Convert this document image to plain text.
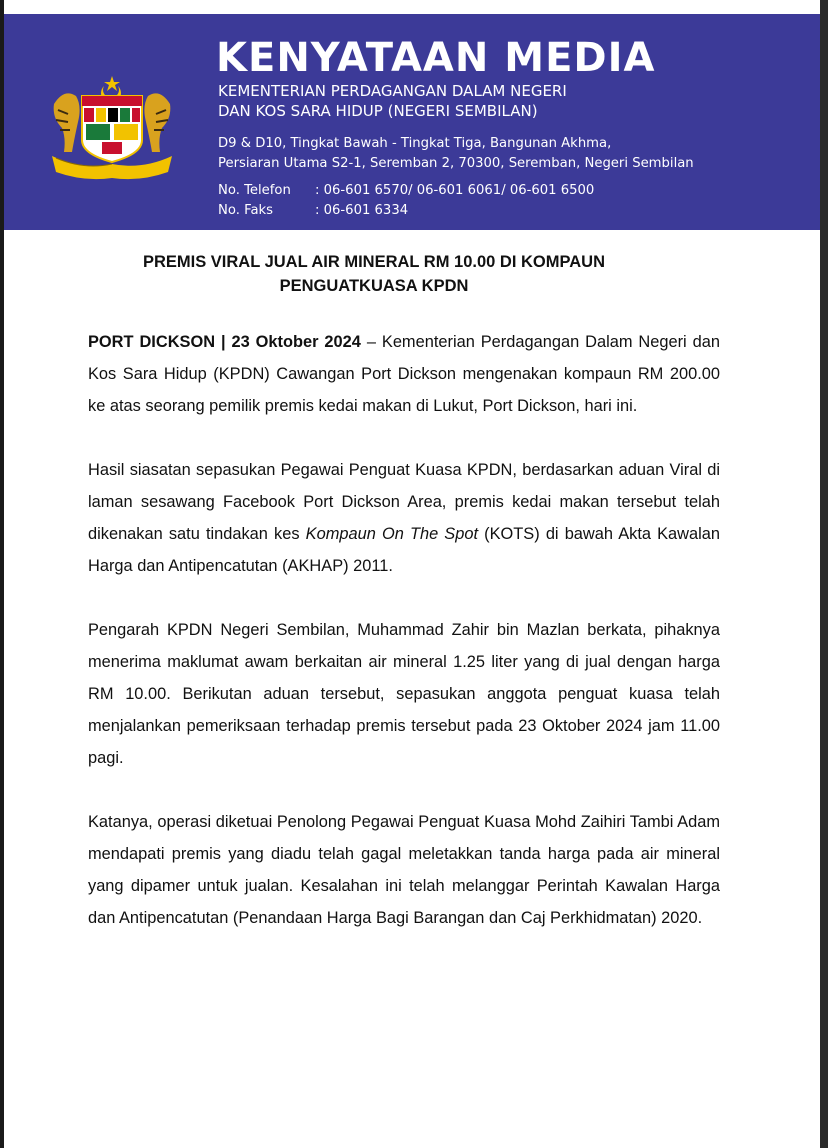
KENYATAAN MEDIA
KEMENTERIAN PERDAGANGAN DALAM NEGERI
DAN KOS SARA HIDUP (NEGERI SEMBILAN)
D9 & D10, Tingkat Bawah - Tingkat Tiga, Bangunan Akhma,
Persiaran Utama S2-1, Seremban 2, 70300, Seremban, Negeri Sembilan
No. Telefon	: 06-601 6570/ 06-601 6061/ 06-601 6500
No. Faks	: 06-601 6334
PREMIS VIRAL JUAL AIR MINERAL RM 10.00 DI KOMPAUN
PENGUATKUASA KPDN

PORT DICKSON | 23 Oktober 2024 – Kementerian Perdagangan Dalam Negeri dan Kos Sara Hidup (KPDN) Cawangan Port Dickson mengenakan kompaun RM 200.00 ke atas seorang pemilik premis kedai makan di Lukut, Port Dickson, hari ini.

Hasil siasatan sepasukan Pegawai Penguat Kuasa KPDN, berdasarkan aduan Viral di laman sesawang Facebook Port Dickson Area, premis kedai makan tersebut telah dikenakan satu tindakan kes Kompaun On The Spot (KOTS) di bawah Akta Kawalan Harga dan Antipencatutan (AKHAP) 2011.

Pengarah KPDN Negeri Sembilan, Muhammad Zahir bin Mazlan berkata, pihaknya menerima maklumat awam berkaitan air mineral 1.25 liter yang di jual dengan harga RM 10.00. Berikutan aduan tersebut, sepasukan anggota penguat kuasa telah menjalankan pemeriksaan terhadap premis tersebut pada 23 Oktober 2024 jam 11.00 pagi.

Katanya, operasi diketuai Penolong Pegawai Penguat Kuasa Mohd Zaihiri Tambi Adam mendapati premis yang diadu telah gagal meletakkan tanda harga pada air mineral yang dipamer untuk jualan. Kesalahan ini telah melanggar Perintah Kawalan Harga dan Antipencatutan (Penandaan Harga Bagi Barangan dan Caj Perkhidmatan) 2020.
